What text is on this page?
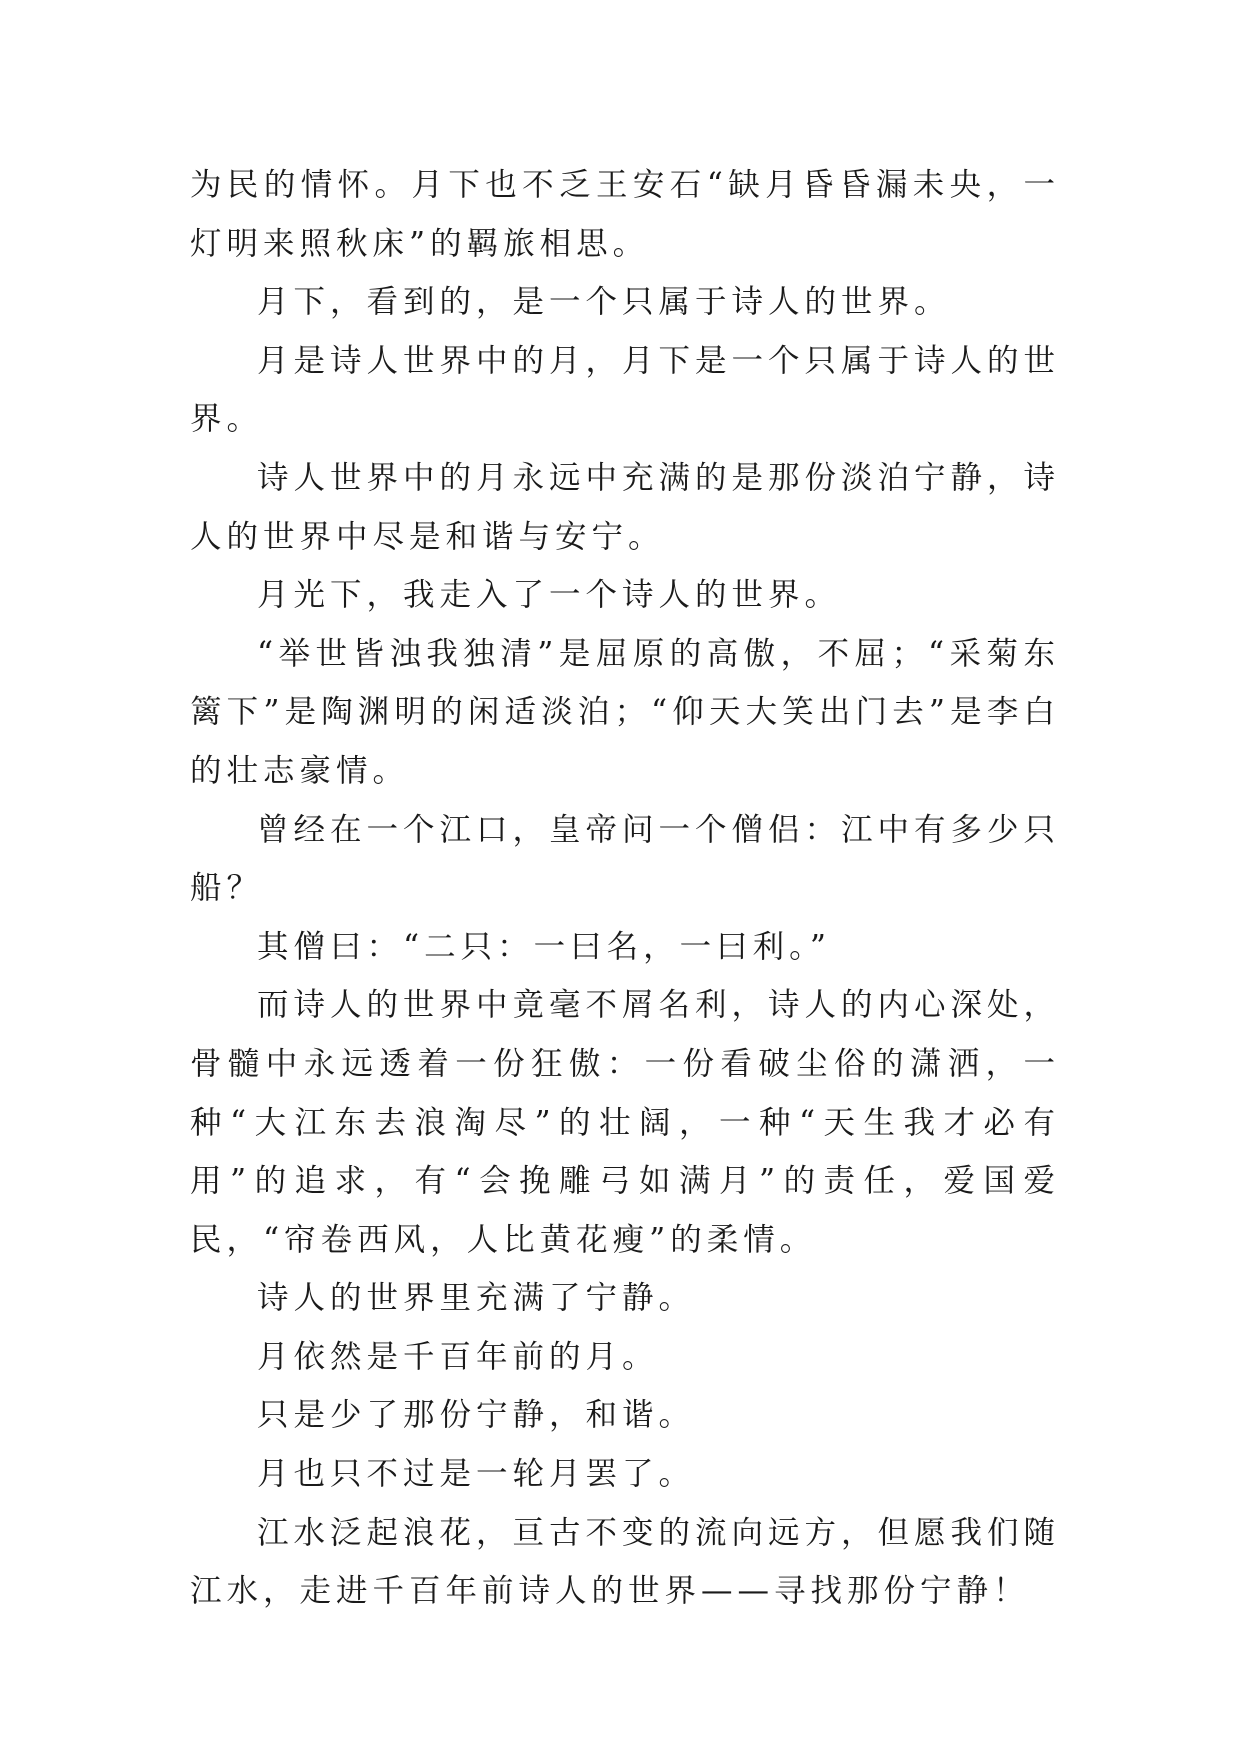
为民的情怀。月下也不乏王安石“缺月昏昏漏未央，一灯明来照秋床”的羁旅相思。

月下，看到的，是一个只属于诗人的世界。

月是诗人世界中的月，月下是一个只属于诗人的世界。

诗人世界中的月永远中充满的是那份淡泊宁静，诗人的世界中尽是和谐与安宁。

月光下，我走入了一个诗人的世界。

“举世皆浊我独清”是屈原的高傲，不屈；“采菊东篱下”是陶渊明的闲适淡泊；“仰天大笑出门去”是李白的壮志豪情。

曾经在一个江口，皇帝问一个僧侣：江中有多少只船？

其僧曰：“二只：一曰名，一曰利。”

而诗人的世界中竟毫不屑名利，诗人的内心深处，骨髓中永远透着一份狂傲：一份看破尘俗的潇洒，一种“大江东去浪淘尽”的壮阔，一种“天生我才必有用”的追求，有“会挽雕弓如满月”的责任，爱国爱民，“帘卷西风，人比黄花瘦”的柔情。

诗人的世界里充满了宁静。

月依然是千百年前的月。

只是少了那份宁静，和谐。

月也只不过是一轮月罢了。

江水泛起浪花，亘古不变的流向远方，但愿我们随江水，走进千百年前诗人的世界——寻找那份宁静！
